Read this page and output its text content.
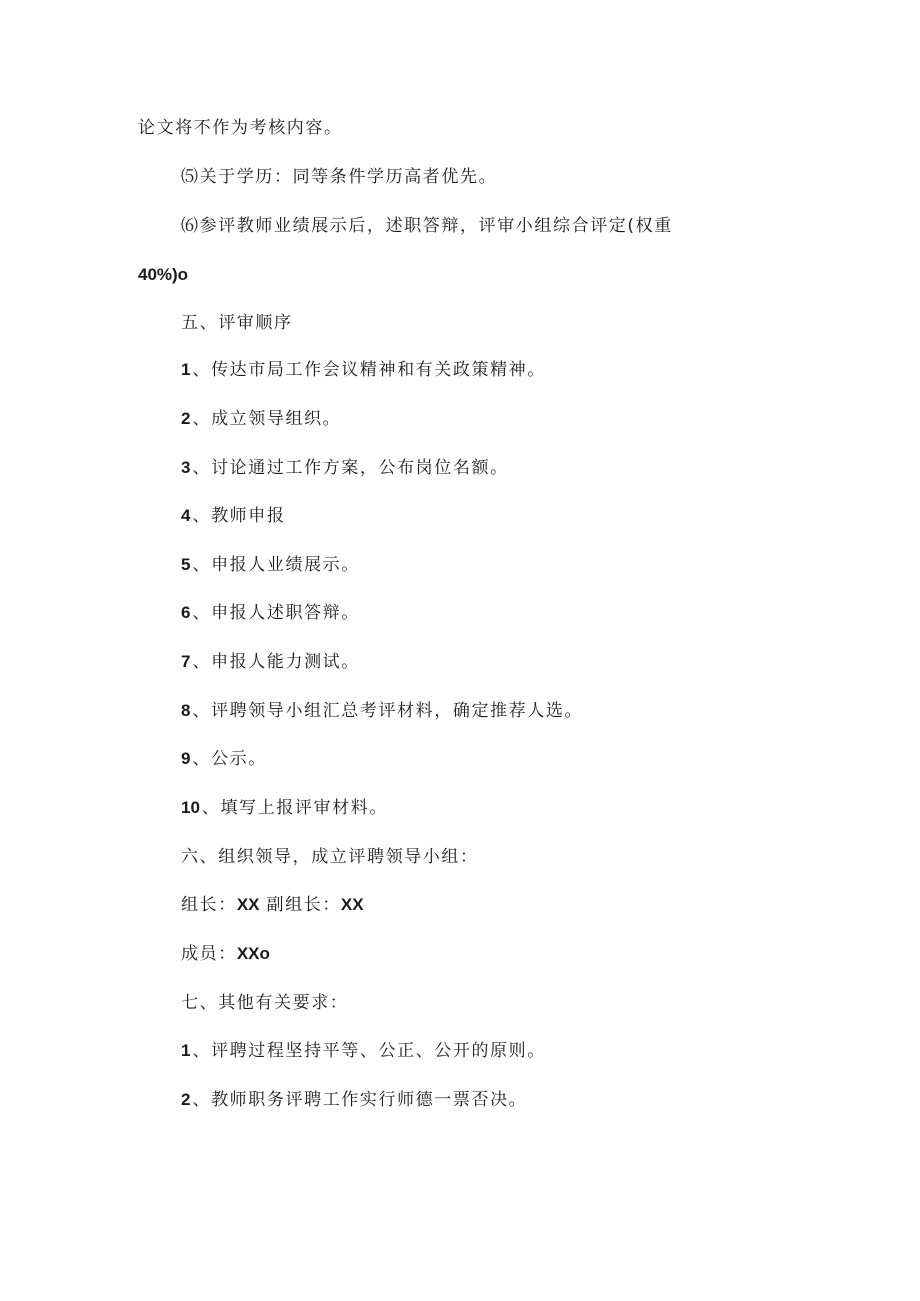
论文将不作为考核内容。
⑸关于学历：同等条件学历高者优先。
⑹参评教师业绩展示后，述职答辩，评审小组综合评定(权重
40%)o
五、评审顺序
1 、传达市局工作会议精神和有关政策精神。
2 、成立领导组织。
3 、讨论通过工作方案，公布岗位名额。
4 、教师申报
5 、申报人业绩展示。
6 、申报人述职答辩。
7 、申报人能力测试。
8 、评聘领导小组汇总考评材料，确定推荐人选。
9 、公示。
10 、填写上报评审材料。
六、组织领导，成立评聘领导小组：
组长：XX 副组长：XX
成员：XXo
七、其他有关要求：
1 、评聘过程坚持平等、公正、公开的原则。
2 、教师职务评聘工作实行师德一票否决。
